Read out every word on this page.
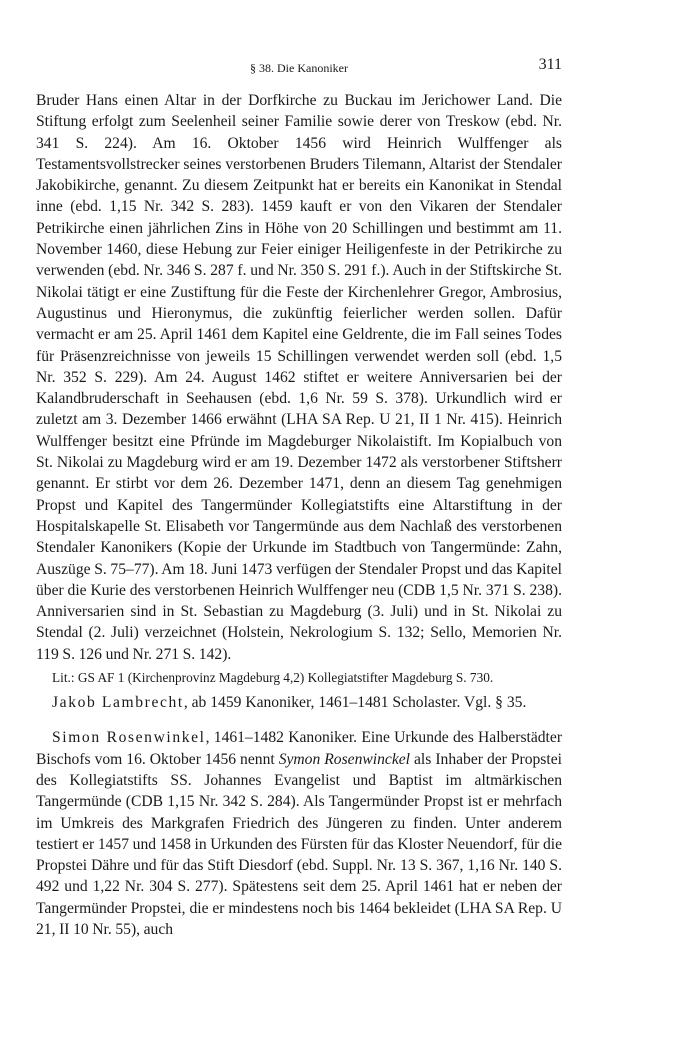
§ 38. Die Kanoniker	311

Bruder Hans einen Altar in der Dorfkirche zu Buckau im Jerichower Land. Die Stiftung erfolgt zum Seelenheil seiner Familie sowie derer von Treskow (ebd. Nr. 341 S. 224). Am 16. Oktober 1456 wird Heinrich Wulffenger als Testamentsvollstrecker seines verstorbenen Bruders Tilemann, Altarist der Stendaler Jakobikirche, genannt. Zu diesem Zeitpunkt hat er bereits ein Kanonikat in Stendal inne (ebd. 1,15 Nr. 342 S. 283). 1459 kauft er von den Vikaren der Stendaler Petrikirche einen jährlichen Zins in Höhe von 20 Schillingen und bestimmt am 11. November 1460, diese Hebung zur Feier einiger Heiligenfeste in der Petrikirche zu verwenden (ebd. Nr. 346 S. 287 f. und Nr. 350 S. 291 f.). Auch in der Stiftskirche St. Nikolai tätigt er eine Zustiftung für die Feste der Kirchenlehrer Gregor, Ambrosius, Augustinus und Hieronymus, die zukünftig feierlicher werden sollen. Dafür vermacht er am 25. April 1461 dem Kapitel eine Geldrente, die im Fall seines Todes für Präsenzreichnisse von jeweils 15 Schillingen verwendet werden soll (ebd. 1,5 Nr. 352 S. 229). Am 24. August 1462 stiftet er weitere Anniversarien bei der Kalandbruderschaft in Seehausen (ebd. 1,6 Nr. 59 S. 378). Urkundlich wird er zuletzt am 3. Dezember 1466 erwähnt (LHA SA Rep. U 21, II 1 Nr. 415). Heinrich Wulffenger besitzt eine Pfründe im Magdeburger Nikolaistift. Im Kopialbuch von St. Nikolai zu Magdeburg wird er am 19. Dezember 1472 als verstorbener Stiftsherr genannt. Er stirbt vor dem 26. Dezember 1471, denn an diesem Tag genehmigen Propst und Kapitel des Tangermünder Kollegiatstifts eine Altarstiftung in der Hospitalskapelle St. Elisabeth vor Tangermünde aus dem Nachlaß des verstorbenen Stendaler Kanonikers (Kopie der Urkunde im Stadtbuch von Tangermünde: Zahn, Auszüge S. 75–77). Am 18. Juni 1473 verfügen der Stendaler Propst und das Kapitel über die Kurie des verstorbenen Heinrich Wulffenger neu (CDB 1,5 Nr. 371 S. 238). Anniversarien sind in St. Sebastian zu Magdeburg (3. Juli) und in St. Nikolai zu Stendal (2. Juli) verzeichnet (Holstein, Nekrologium S. 132; Sello, Memorien Nr. 119 S. 126 und Nr. 271 S. 142).

Lit.: GS AF 1 (Kirchenprovinz Magdeburg 4,2) Kollegiatstifter Magdeburg S. 730.

Jakob Lambrecht, ab 1459 Kanoniker, 1461–1481 Scholaster. Vgl. § 35.

Simon Rosenwinkel, 1461–1482 Kanoniker. Eine Urkunde des Halberstädter Bischofs vom 16. Oktober 1456 nennt Symon Rosenwinckel als Inhaber der Propstei des Kollegiatstifts SS. Johannes Evangelist und Baptist im altmärkischen Tangermünde (CDB 1,15 Nr. 342 S. 284). Als Tangermünder Propst ist er mehrfach im Umkreis des Markgrafen Friedrich des Jüngeren zu finden. Unter anderem testiert er 1457 und 1458 in Urkunden des Fürsten für das Kloster Neuendorf, für die Propstei Dähre und für das Stift Diesdorf (ebd. Suppl. Nr. 13 S. 367, 1,16 Nr. 140 S. 492 und 1,22 Nr. 304 S. 277). Spätestens seit dem 25. April 1461 hat er neben der Tangermünder Propstei, die er mindestens noch bis 1464 bekleidet (LHA SA Rep. U 21, II 10 Nr. 55), auch
